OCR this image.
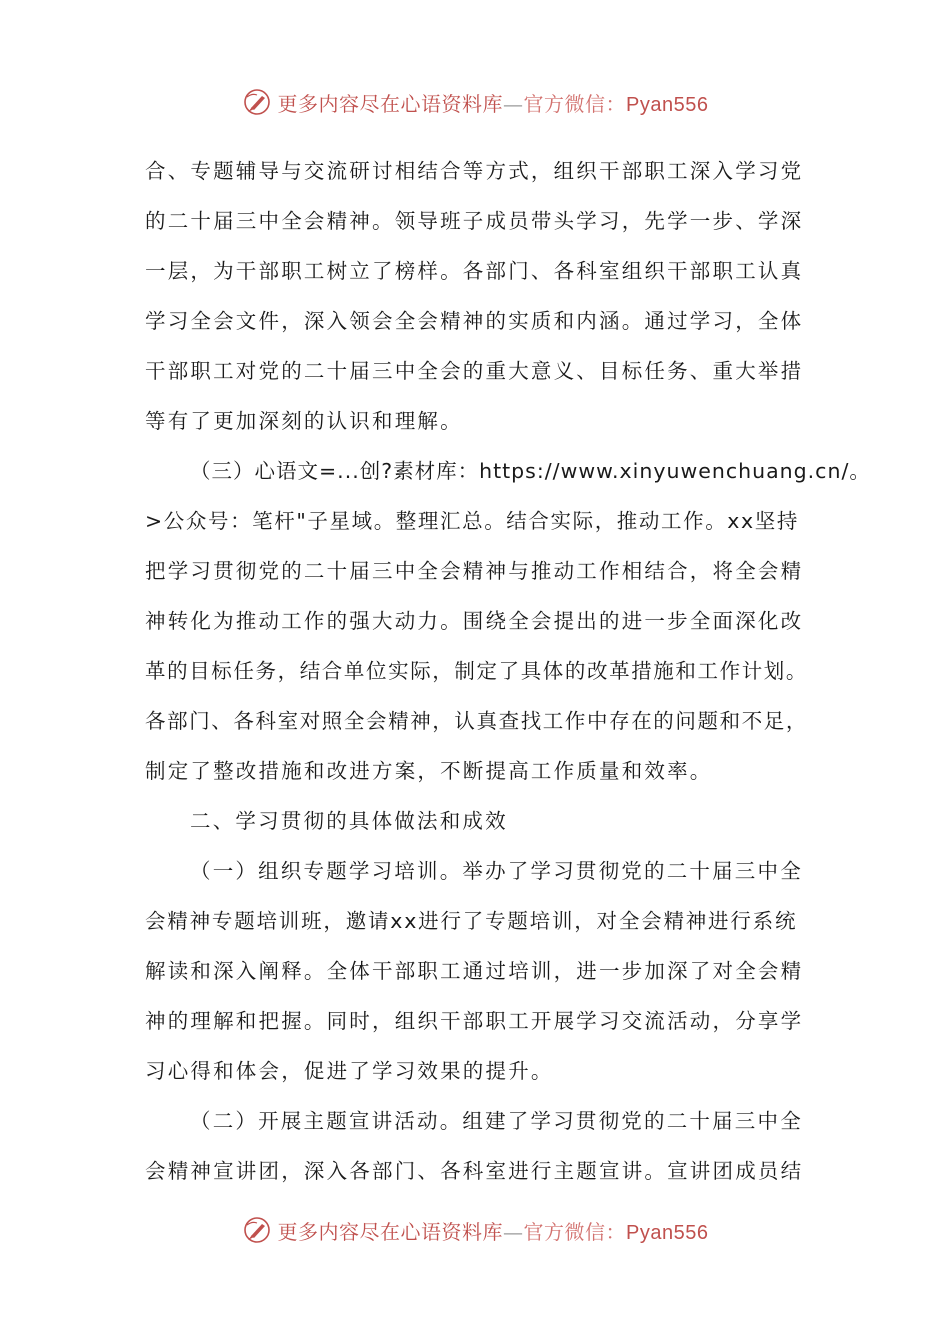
更多内容尽在心语资料库—官方微信：Pyan556
合、专题辅导与交流研讨相结合等方式，组织干部职工深入学习党
的二十届三中全会精神。领导班子成员带头学习，先学一步、学深
一层，为干部职工树立了榜样。各部门、各科室组织干部职工认真
学习全会文件，深入领会全会精神的实质和内涵。通过学习，全体
干部职工对党的二十届三中全会的重大意义、目标任务、重大举措
等有了更加深刻的认识和理解。
（三）心语文=...创?素材库：https://www.xinyuwenchuang.cn/。
>公众号：笔杆"子星域。整理汇总。结合实际，推动工作。xx坚持
把学习贯彻党的二十届三中全会精神与推动工作相结合，将全会精
神转化为推动工作的强大动力。围绕全会提出的进一步全面深化改
革的目标任务，结合单位实际，制定了具体的改革措施和工作计划。
各部门、各科室对照全会精神，认真查找工作中存在的问题和不足，
制定了整改措施和改进方案，不断提高工作质量和效率。
二、学习贯彻的具体做法和成效
（一）组织专题学习培训。举办了学习贯彻党的二十届三中全
会精神专题培训班，邀请xx进行了专题培训，对全会精神进行系统
解读和深入阐释。全体干部职工通过培训，进一步加深了对全会精
神的理解和把握。同时，组织干部职工开展学习交流活动，分享学
习心得和体会，促进了学习效果的提升。
（二）开展主题宣讲活动。组建了学习贯彻党的二十届三中全
会精神宣讲团，深入各部门、各科室进行主题宣讲。宣讲团成员结
更多内容尽在心语资料库—官方微信：Pyan556
